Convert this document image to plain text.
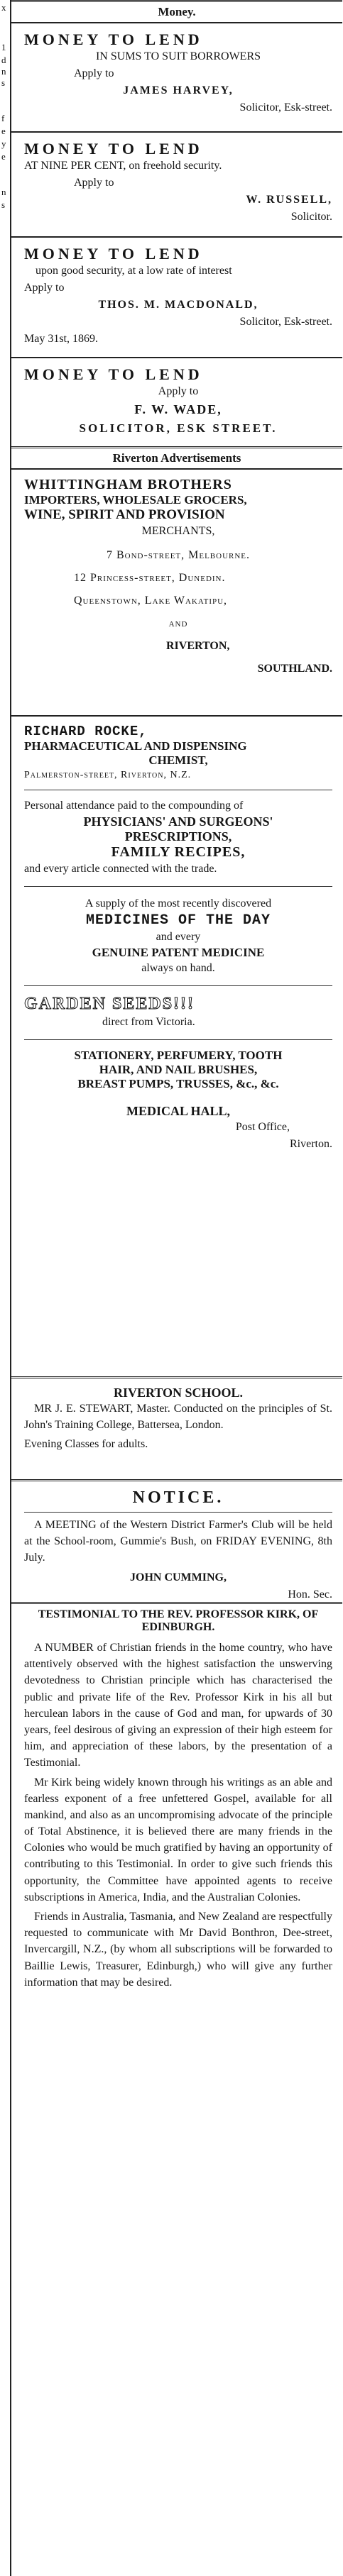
x
1
d
n
s
f
e
y
e
n
s
Money.
MONEY TO LEND
IN SUMS TO SUIT BORROWERS
Apply to
JAMES HARVEY,
Solicitor, Esk-street.
MONEY TO LEND
AT NINE PER CENT, on freehold security.
Apply to
W. RUSSELL,
Solicitor.
MONEY TO LEND
upon good security, at a low rate of interest
Apply to
THOS. M. MACDONALD,
Solicitor, Esk-street.
May 31st, 1869.
MONEY TO LEND
Apply to
F. W. WADE,
SOLICITOR, ESK STREET.
Riverton Advertisements
WHITTINGHAM BROTHERS
IMPORTERS, WHOLESALE GROCERS,
WINE, SPIRIT AND PROVISION
MERCHANTS,
7 Bond-street, Melbourne.
12 Princess-street, Dunedin.
Queenstown, Lake Wakatipu,
and
RIVERTON,
SOUTHLAND.
RICHARD ROCKE,
PHARMACEUTICAL AND DISPENSING
CHEMIST,
Palmerston-street, Riverton, N.Z.
Personal attendance paid to the compounding of
PHYSICIANS' AND SURGEONS'
PRESCRIPTIONS,
FAMILY RECIPES,
and every article connected with the trade.
A supply of the most recently discovered
MEDICINES OF THE DAY
and every
GENUINE PATENT MEDICINE
always on hand.
GARDEN SEEDS!!!
direct from Victoria.
STATIONERY, PERFUMERY, TOOTH
HAIR, AND NAIL BRUSHES,
BREAST PUMPS, TRUSSES, &c., &c.
MEDICAL HALL,
Post Office,
Riverton.
RIVERTON SCHOOL.
MR J. E. STEWART, Master. Conducted on the principles of St. John's Training College, Battersea, London.
Evening Classes for adults.
NOTICE.
A MEETING of the Western District Farmer's Club will be held at the School-room, Gummie's Bush, on FRIDAY EVENING, 8th July.
JOHN CUMMING,
Hon. Sec.
TESTIMONIAL TO THE REV. PROFESSOR KIRK, OF EDINBURGH.
A NUMBER of Christian friends in the home country, who have attentively observed with the highest satisfaction the unswerving devotedness to Christian principle which has characterised the public and private life of the Rev. Professor Kirk in his all but herculean labors in the cause of God and man, for upwards of 30 years, feel desirous of giving an expression of their high esteem for him, and appreciation of these labors, by the presentation of a Testimonial.
Mr Kirk being widely known through his writings as an able and fearless exponent of a free unfettered Gospel, available for all mankind, and also as an uncompromising advocate of the principle of Total Abstinence, it is believed there are many friends in the Colonies who would be much gratified by having an opportunity of contributing to this Testimonial. In order to give such friends this opportunity, the Committee have appointed agents to receive subscriptions in America, India, and the Australian Colonies.
Friends in Australia, Tasmania, and New Zealand are respectfully requested to communicate with Mr David Bonthron, Dee-street, Invercargill, N.Z., (by whom all subscriptions will be forwarded to Baillie Lewis, Treasurer, Edinburgh,) who will give any further information that may be desired.
